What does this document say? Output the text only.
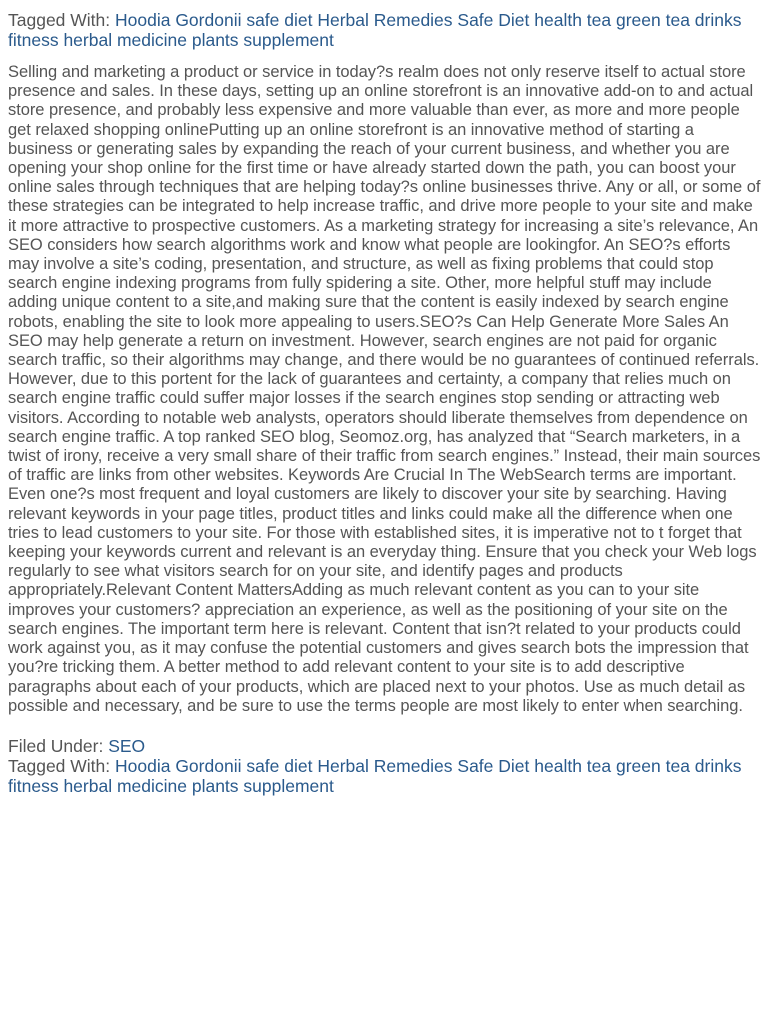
Tagged With: Hoodia Gordonii safe diet Herbal Remedies Safe Diet health tea green tea drinks fitness herbal medicine plants supplement

Selling and marketing a product or service in today?s realm does not only reserve itself to actual store presence and sales. In these days, setting up an online storefront is an innovative add-on to and actual store presence, and probably less expensive and more valuable than ever, as more and more people get relaxed shopping onlinePutting up an online storefront is an innovative method of starting a business or generating sales by expanding the reach of your current business, and whether you are opening your shop online for the first time or have already started down the path, you can boost your online sales through techniques that are helping today?s online businesses thrive. Any or all, or some of these strategies can be integrated to help increase traffic, and drive more people to your site and make it more attractive to prospective customers. As a marketing strategy for increasing a site’s relevance, An SEO considers how search algorithms work and know what people are lookingfor. An SEO?s efforts may involve a site’s coding, presentation, and structure, as well as fixing problems that could stop search engine indexing programs from fully spidering a site. Other, more helpful stuff may include adding unique content to a site,and making sure that the content is easily indexed by search engine robots, enabling the site to look more appealing to users.SEO?s Can Help Generate More Sales An SEO may help generate a return on investment. However, search engines are not paid for organic search traffic, so their algorithms may change, and there would be no guarantees of continued referrals. However, due to this portent for the lack of guarantees and certainty, a company that relies much on search engine traffic could suffer major losses if the search engines stop sending or attracting web visitors. According to notable web analysts, operators should liberate themselves from dependence on search engine traffic. A top ranked SEO blog, Seomoz.org, has analyzed that “Search marketers, in a twist of irony, receive a very small share of their traffic from search engines.” Instead, their main sources of traffic are links from other websites. Keywords Are Crucial In The WebSearch terms are important. Even one?s most frequent and loyal customers are likely to discover your site by searching. Having relevant keywords in your page titles, product titles and links could make all the difference when one tries to lead customers to your site. For those with established sites, it is imperative not to t forget that keeping your keywords current and relevant is an everyday thing. Ensure that you check your Web logs regularly to see what visitors search for on your site, and identify pages and products appropriately.Relevant Content MattersAdding as much relevant content as you can to your site improves your customers? appreciation an experience, as well as the positioning of your site on the search engines. The important term here is relevant. Content that isn?t related to your products could work against you, as it may confuse the potential customers and gives search bots the impression that you?re tricking them. A better method to add relevant content to your site is to add descriptive paragraphs about each of your products, which are placed next to your photos. Use as much detail as possible and necessary, and be sure to use the terms people are most likely to enter when searching.

Filed Under: SEO

Tagged With: Hoodia Gordonii safe diet Herbal Remedies Safe Diet health tea green tea drinks fitness herbal medicine plants supplement
